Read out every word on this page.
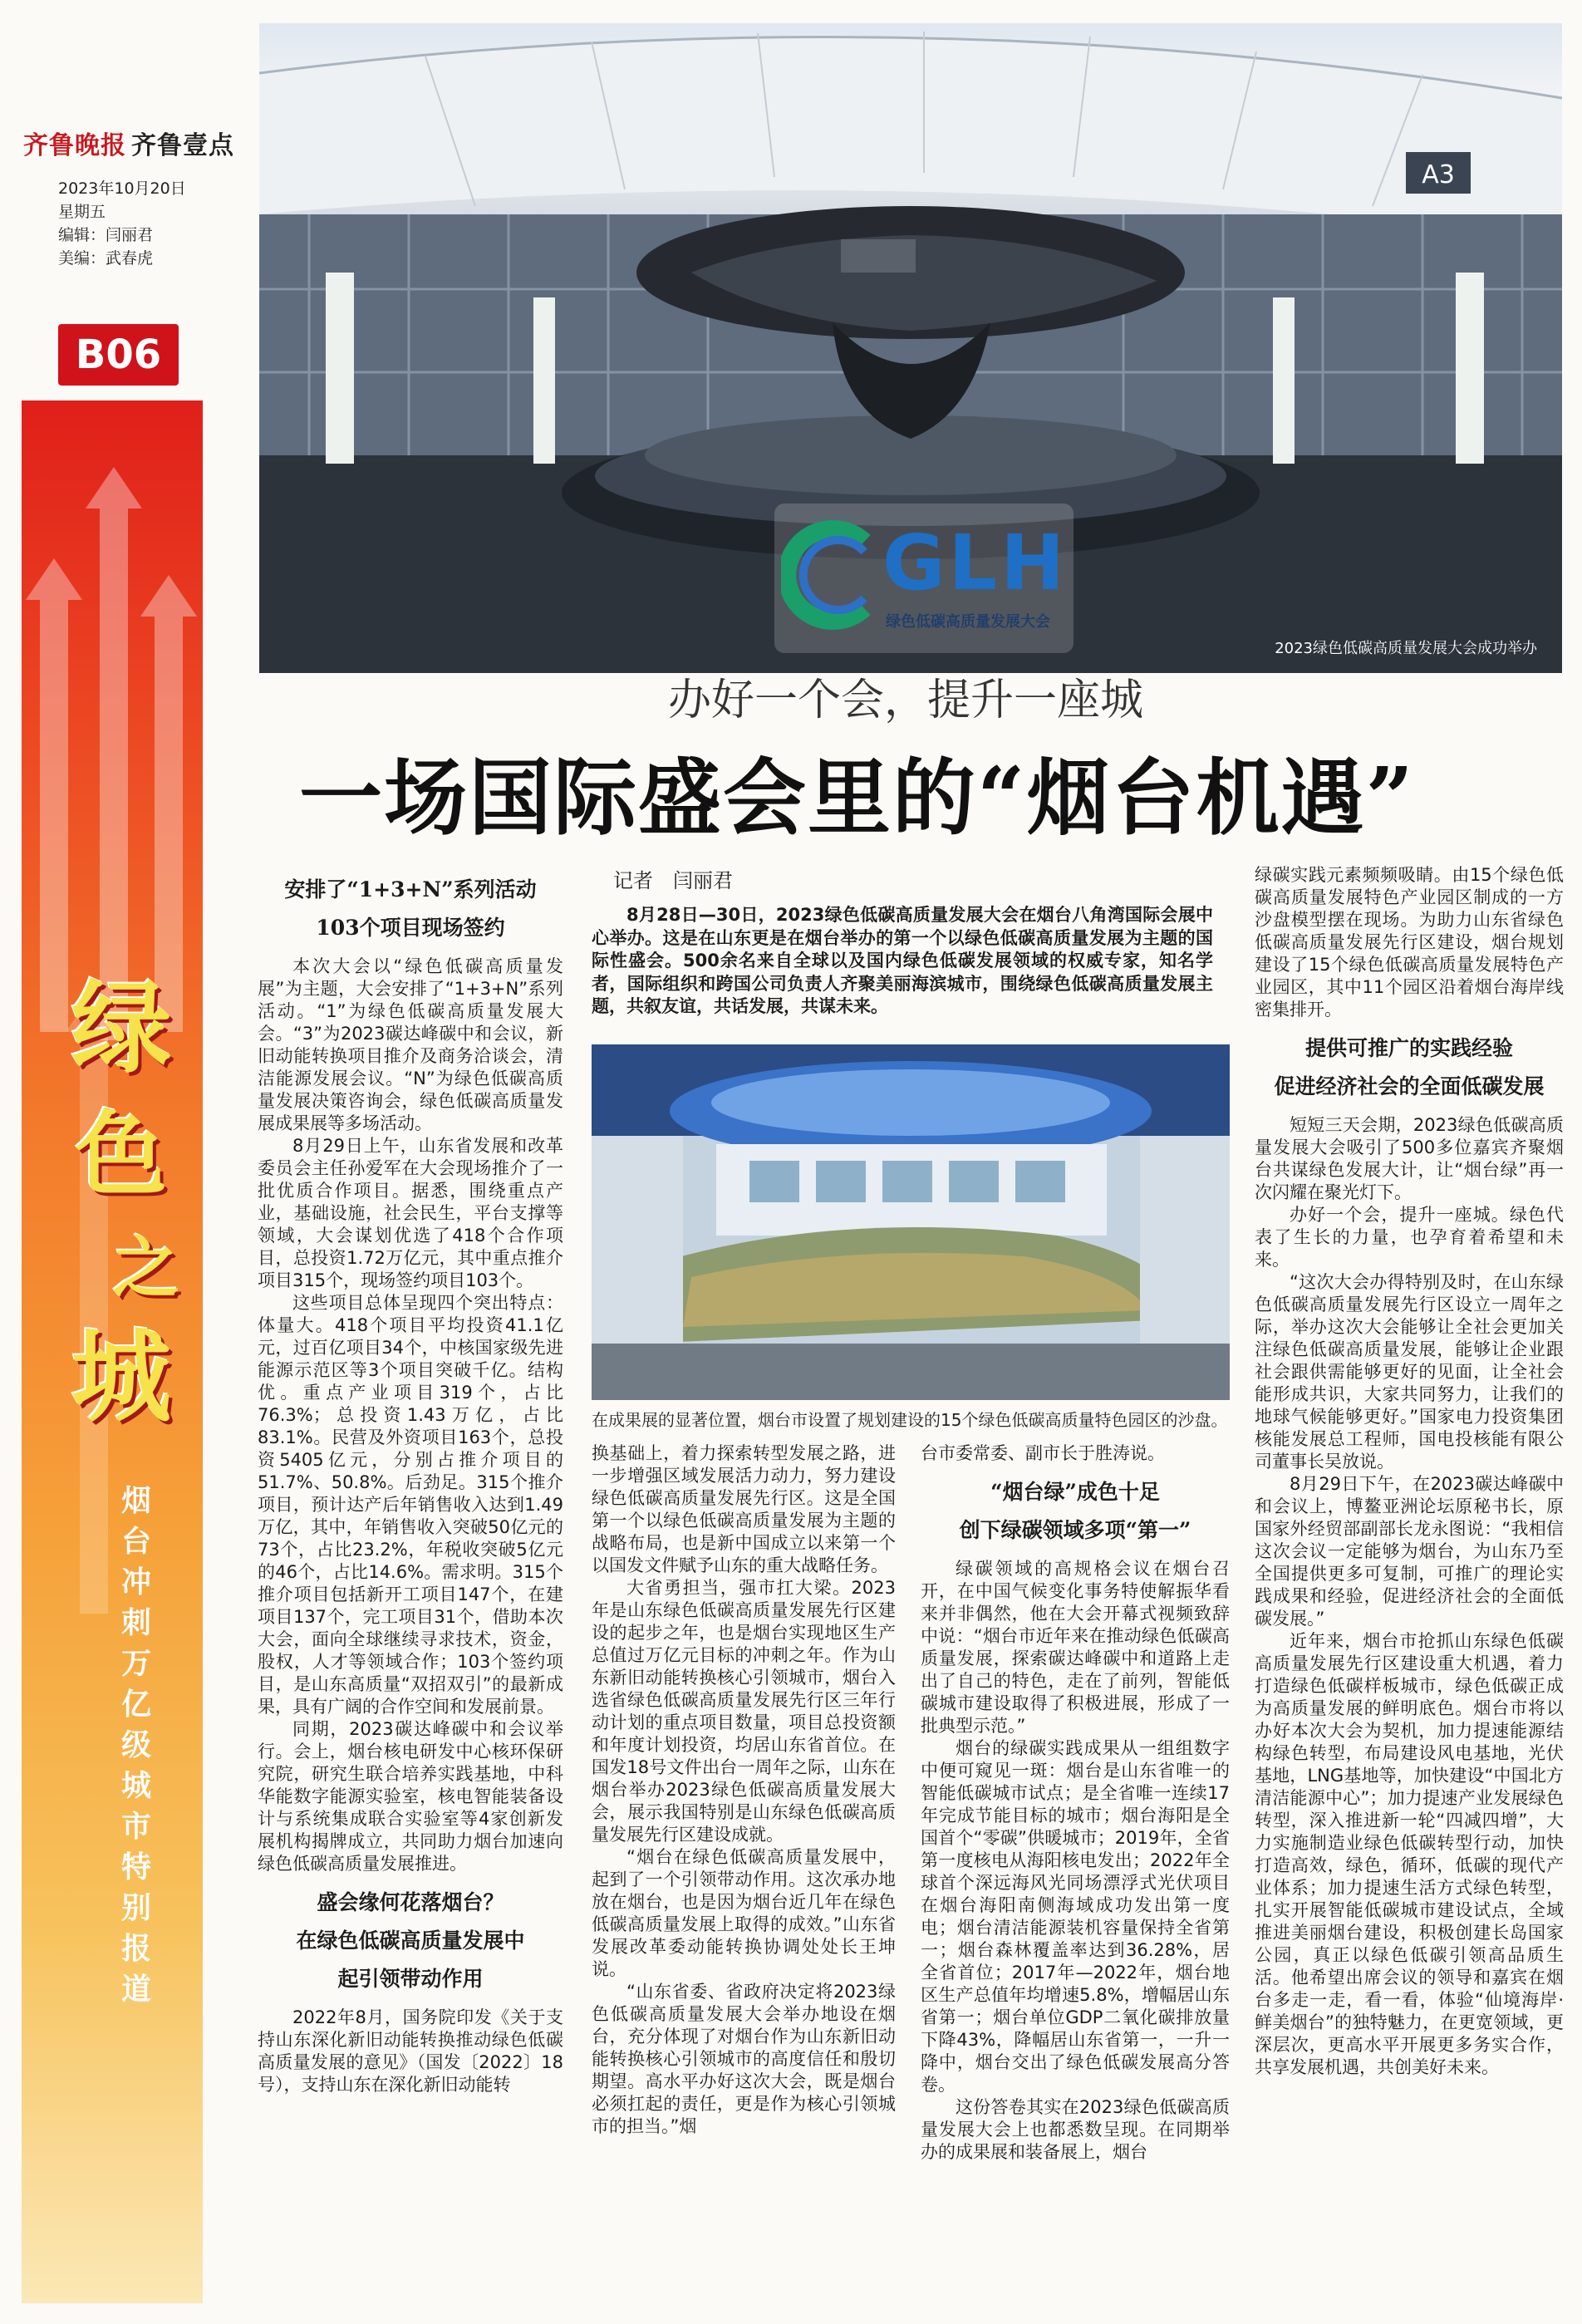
齐鲁晚报 齐鲁壹点
2023年10月20日
星期五
编辑：闫丽君
美编：武春虎
B06
绿
色
之
城
烟台冲刺万亿级城市特别报道
A3
GLH
绿色低碳高质量发展大会
2023绿色低碳高质量发展大会成功举办
办好一个会，提升一座城
一场国际盛会里的“烟台机遇”
安排了“1+3+N”系列活动
103个项目现场签约

本次大会以“绿色低碳高质量发展”为主题，大会安排了“1+3+N”系列活动。“1”为绿色低碳高质量发展大会。“3”为2023碳达峰碳中和会议，新旧动能转换项目推介及商务洽谈会，清洁能源发展会议。“N”为绿色低碳高质量发展决策咨询会，绿色低碳高质量发展成果展等多场活动。

8月29日上午，山东省发展和改革委员会主任孙爱军在大会现场推介了一批优质合作项目。据悉，围绕重点产业，基础设施，社会民生，平台支撑等领域，大会谋划优选了418个合作项目，总投资1.72万亿元，其中重点推介项目315个，现场签约项目103个。

这些项目总体呈现四个突出特点：体量大。418个项目平均投资41.1亿元，过百亿项目34个，中核国家级先进能源示范区等3个项目突破千亿。结构优。重点产业项目319个，占比76.3%；总投资1.43万亿，占比83.1%。民营及外资项目163个，总投资5405亿元，分别占推介项目的51.7%、50.8%。后劲足。315个推介项目，预计达产后年销售收入达到1.49万亿，其中，年销售收入突破50亿元的73个，占比23.2%，年税收突破5亿元的46个，占比14.6%。需求明。315个推介项目包括新开工项目147个，在建项目137个，完工项目31个，借助本次大会，面向全球继续寻求技术，资金，股权，人才等领域合作；103个签约项目，是山东高质量“双招双引”的最新成果，具有广阔的合作空间和发展前景。

同期，2023碳达峰碳中和会议举行。会上，烟台核电研发中心核环保研究院，研究生联合培养实践基地，中科华能数字能源实验室，核电智能装备设计与系统集成联合实验室等4家创新发展机构揭牌成立，共同助力烟台加速向绿色低碳高质量发展推进。

盛会缘何花落烟台？
在绿色低碳高质量发展中
起引领带动作用

2022年8月，国务院印发《关于支持山东深化新旧动能转换推动绿色低碳高质量发展的意见》（国发〔2022〕18号），支持山东在深化新旧动能转

记者　闫丽君

8月28日—30日，2023绿色低碳高质量发展大会在烟台八角湾国际会展中心举办。这是在山东更是在烟台举办的第一个以绿色低碳高质量发展为主题的国际性盛会。500余名来自全球以及国内绿色低碳发展领域的权威专家，知名学者，国际组织和跨国公司负责人齐聚美丽海滨城市，围绕绿色低碳高质量发展主题，共叙友谊，共话发展，共谋未来。

在成果展的显著位置，烟台市设置了规划建设的15个绿色低碳高质量特色园区的沙盘。

换基础上，着力探索转型发展之路，进一步增强区域发展活力动力，努力建设绿色低碳高质量发展先行区。这是全国第一个以绿色低碳高质量发展为主题的战略布局，也是新中国成立以来第一个以国发文件赋予山东的重大战略任务。

大省勇担当，强市扛大梁。2023年是山东绿色低碳高质量发展先行区建设的起步之年，也是烟台实现地区生产总值过万亿元目标的冲刺之年。作为山东新旧动能转换核心引领城市，烟台入选省绿色低碳高质量发展先行区三年行动计划的重点项目数量，项目总投资额和年度计划投资，均居山东省首位。在国发18号文件出台一周年之际，山东在烟台举办2023绿色低碳高质量发展大会，展示我国特别是山东绿色低碳高质量发展先行区建设成就。

“烟台在绿色低碳高质量发展中，起到了一个引领带动作用。这次承办地放在烟台，也是因为烟台近几年在绿色低碳高质量发展上取得的成效。”山东省发展改革委动能转换协调处处长王坤说。

“山东省委、省政府决定将2023绿色低碳高质量发展大会举办地设在烟台，充分体现了对烟台作为山东新旧动能转换核心引领城市的高度信任和殷切期望。高水平办好这次大会，既是烟台必须扛起的责任，更是作为核心引领城市的担当。”烟

台市委常委、副市长于胜涛说。

“烟台绿”成色十足
创下绿碳领域多项“第一”

绿碳领域的高规格会议在烟台召开，在中国气候变化事务特使解振华看来并非偶然，他在大会开幕式视频致辞中说：“烟台市近年来在推动绿色低碳高质量发展，探索碳达峰碳中和道路上走出了自己的特色，走在了前列，智能低碳城市建设取得了积极进展，形成了一批典型示范。”

烟台的绿碳实践成果从一组组数字中便可窥见一斑：烟台是山东省唯一的智能低碳城市试点；是全省唯一连续17年完成节能目标的城市；烟台海阳是全国首个“零碳”供暖城市；2019年，全省第一度核电从海阳核电发出；2022年全球首个深远海风光同场漂浮式光伏项目在烟台海阳南侧海域成功发出第一度电；烟台清洁能源装机容量保持全省第一；烟台森林覆盖率达到36.28%，居全省首位；2017年—2022年，烟台地区生产总值年均增速5.8%，增幅居山东省第一；烟台单位GDP二氧化碳排放量下降43%，降幅居山东省第一，一升一降中，烟台交出了绿色低碳发展高分答卷。

这份答卷其实在2023绿色低碳高质量发展大会上也都悉数呈现。在同期举办的成果展和装备展上，烟台

绿碳实践元素频频吸睛。由15个绿色低碳高质量发展特色产业园区制成的一方沙盘模型摆在现场。为助力山东省绿色低碳高质量发展先行区建设，烟台规划建设了15个绿色低碳高质量发展特色产业园区，其中11个园区沿着烟台海岸线密集排开。

提供可推广的实践经验
促进经济社会的全面低碳发展

短短三天会期，2023绿色低碳高质量发展大会吸引了500多位嘉宾齐聚烟台共谋绿色发展大计，让“烟台绿”再一次闪耀在聚光灯下。

办好一个会，提升一座城。绿色代表了生长的力量，也孕育着希望和未来。

“这次大会办得特别及时，在山东绿色低碳高质量发展先行区设立一周年之际，举办这次大会能够让全社会更加关注绿色低碳高质量发展，能够让企业跟社会跟供需能够更好的见面，让全社会能形成共识，大家共同努力，让我们的地球气候能够更好。”国家电力投资集团核能发展总工程师，国电投核能有限公司董事长吴放说。

8月29日下午，在2023碳达峰碳中和会议上，博鳌亚洲论坛原秘书长，原国家外经贸部副部长龙永图说：“我相信这次会议一定能够为烟台，为山东乃至全国提供更多可复制，可推广的理论实践成果和经验，促进经济社会的全面低碳发展。”

近年来，烟台市抢抓山东绿色低碳高质量发展先行区建设重大机遇，着力打造绿色低碳样板城市，绿色低碳正成为高质量发展的鲜明底色。烟台市将以办好本次大会为契机，加力提速能源结构绿色转型，布局建设风电基地，光伏基地，LNG基地等，加快建设“中国北方清洁能源中心”；加力提速产业发展绿色转型，深入推进新一轮“四减四增”，大力实施制造业绿色低碳转型行动，加快打造高效，绿色，循环，低碳的现代产业体系；加力提速生活方式绿色转型，扎实开展智能低碳城市建设试点，全域推进美丽烟台建设，积极创建长岛国家公园，真正以绿色低碳引领高品质生活。他希望出席会议的领导和嘉宾在烟台多走一走，看一看，体验“仙境海岸·鲜美烟台”的独特魅力，在更宽领域，更深层次，更高水平开展更多务实合作，共享发展机遇，共创美好未来。
